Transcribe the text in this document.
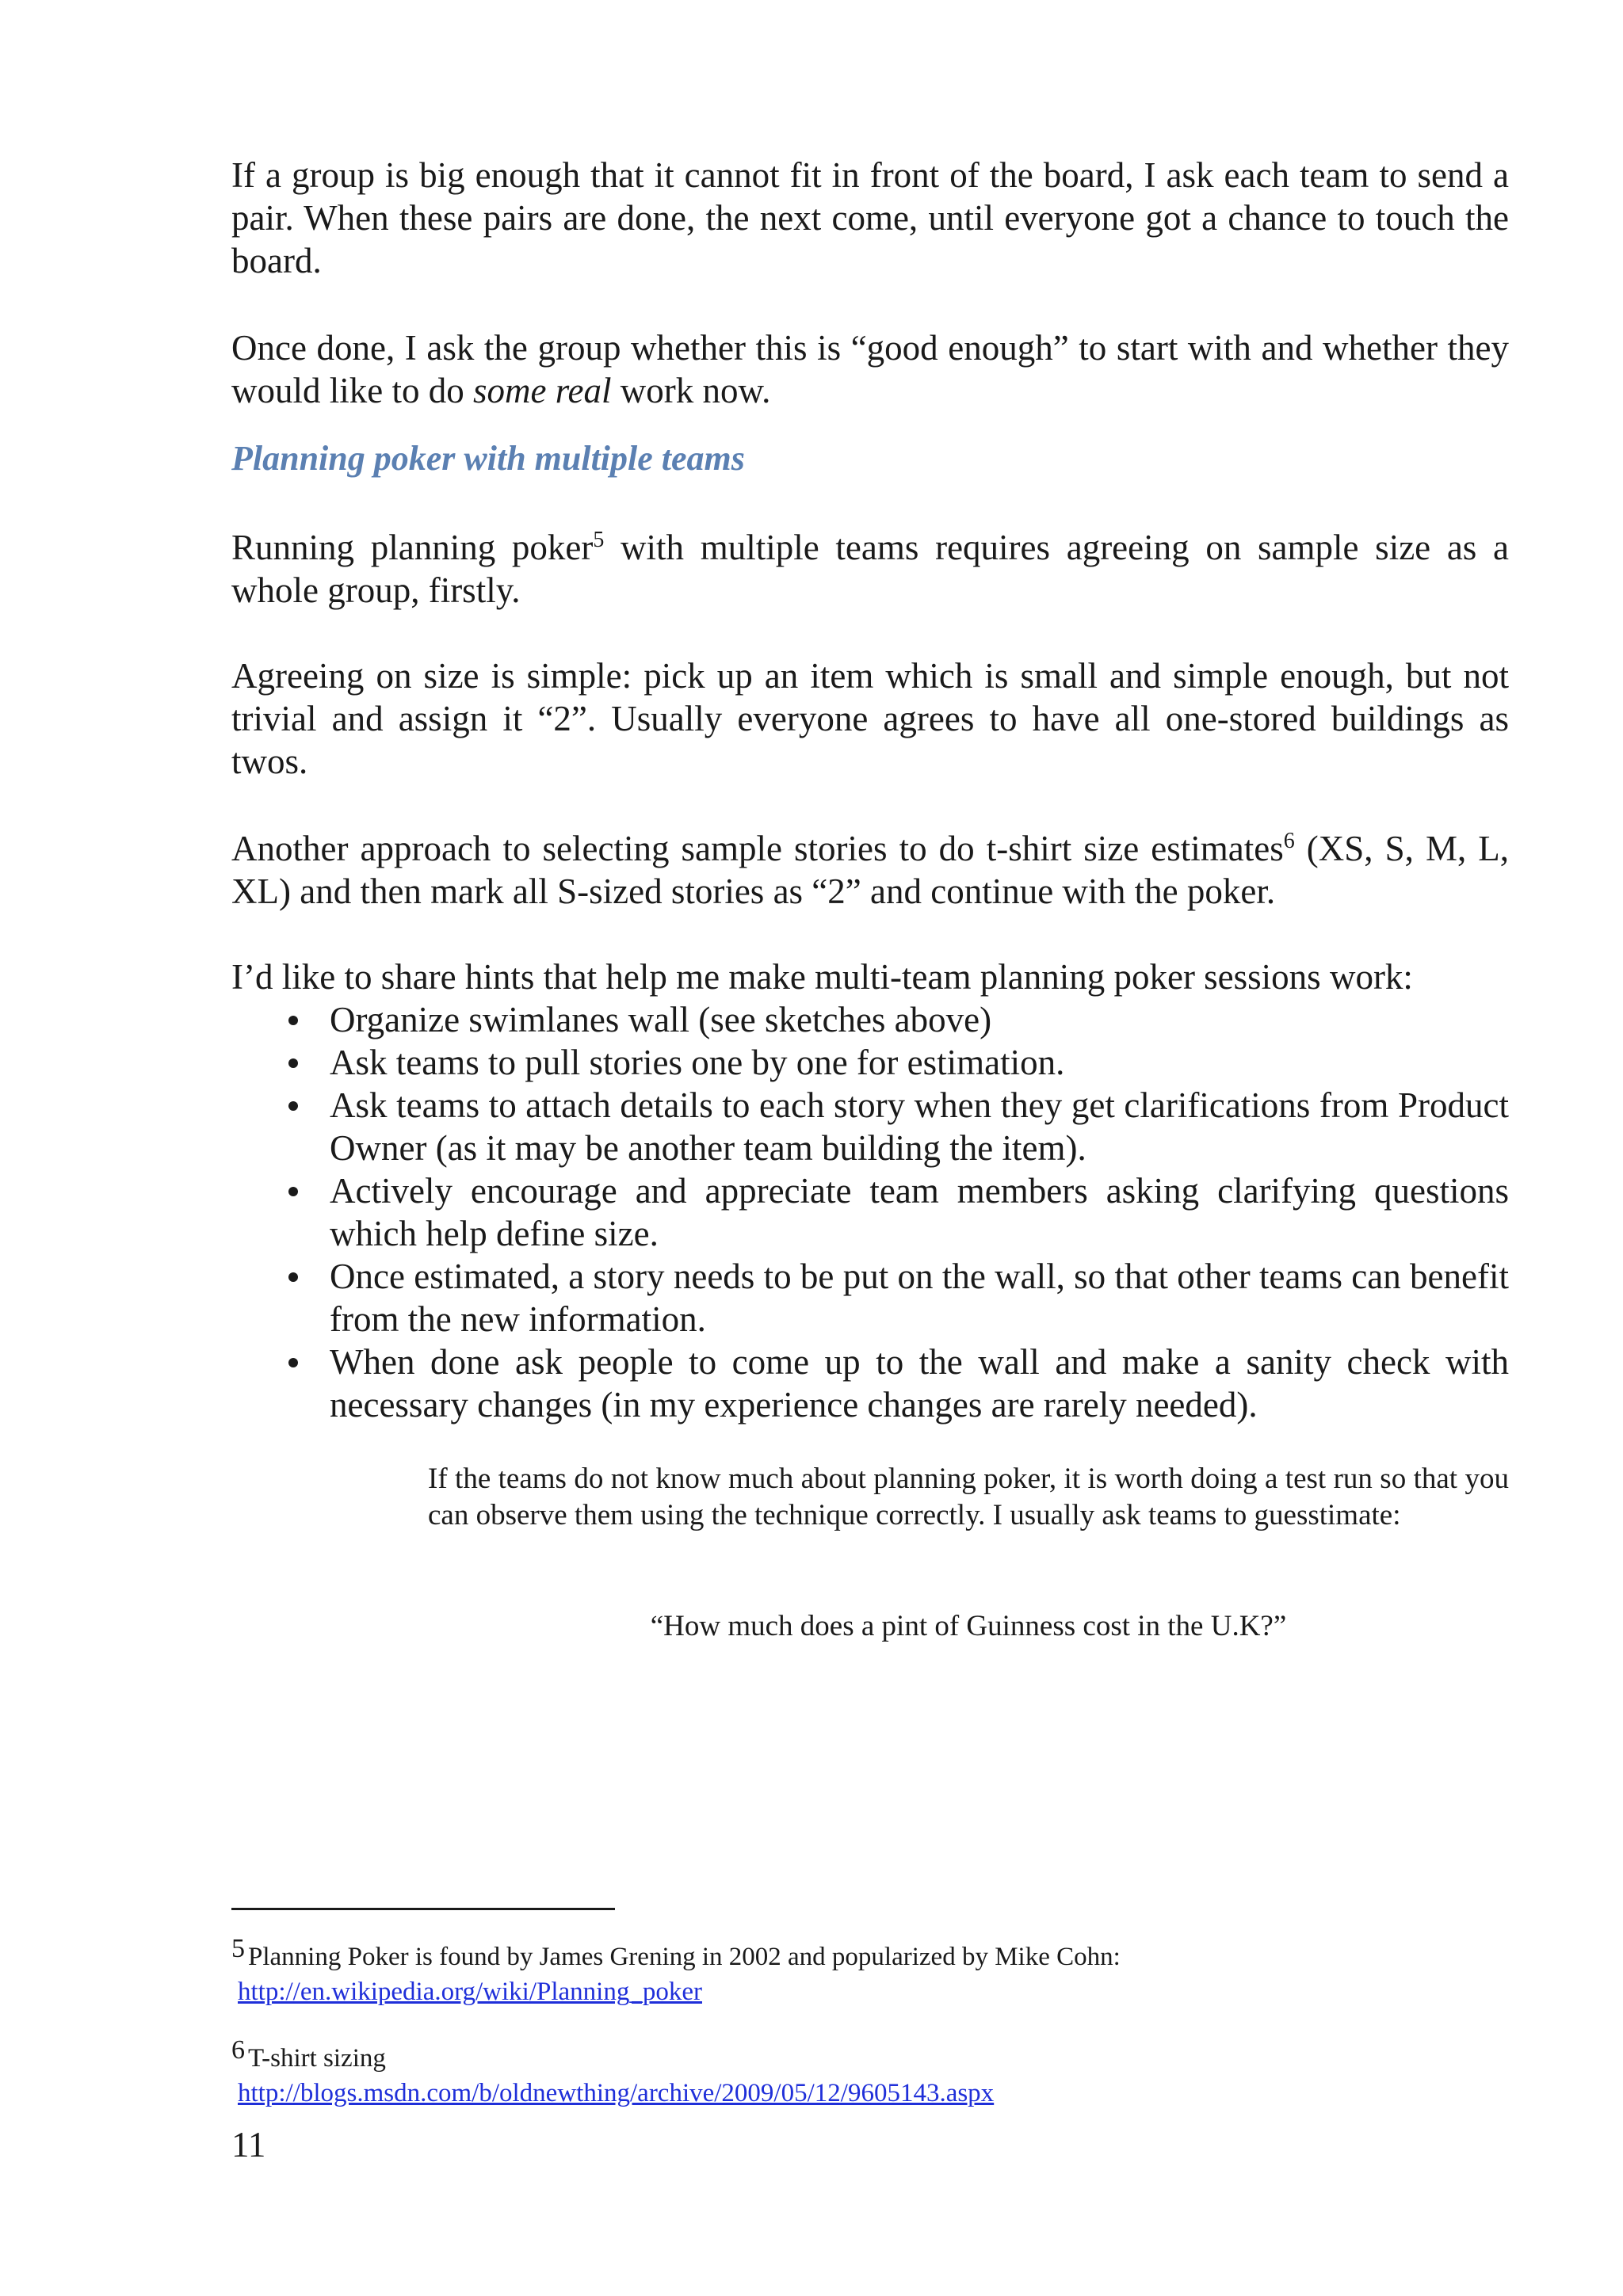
If a group is big enough that it cannot fit in front of the board, I ask each team to send a pair. When these pairs are done, the next come, until everyone got a chance to touch the board.

Once done, I ask the group whether this is “good enough” to start with and whether they would like to do some real work now.

Planning poker with multiple teams

Running planning poker$^5$ with multiple teams requires agreeing on sample size as a whole group, firstly.

Agreeing on size is simple: pick up an item which is small and simple enough, but not trivial and assign it “2”. Usually everyone agrees to have all one-stored buildings as twos.

Another approach to selecting sample stories to do t-shirt size estimates$^6$ (XS, S, M, L, XL) and then mark all S-sized stories as “2” and continue with the poker.

I’d like to share hints that help me make multi-team planning poker sessions work:

Organize swimlanes wall (see sketches above)
Ask teams to pull stories one by one for estimation.
Ask teams to attach details to each story when they get clarifications from Product Owner (as it may be another team building the item).
Actively encourage and appreciate team members asking clarifying questions which help define size.
Once estimated, a story needs to be put on the wall, so that other teams can benefit from the new information.
When done ask people to come up to the wall and make a sanity check with necessary changes (in my experience changes are rarely needed).

If the teams do not know much about planning poker, it is worth doing a test run so that you can observe them using the technique correctly. I usually ask teams to guesstimate:

“How much does a pint of Guinness cost in the U.K?”

5 Planning Poker is found by James Grening in 2002 and popularized by Mike Cohn:
http://en.wikipedia.org/wiki/Planning_poker
6 T-shirt sizing
http://blogs.msdn.com/b/oldnewthing/archive/2009/05/12/9605143.aspx

11
